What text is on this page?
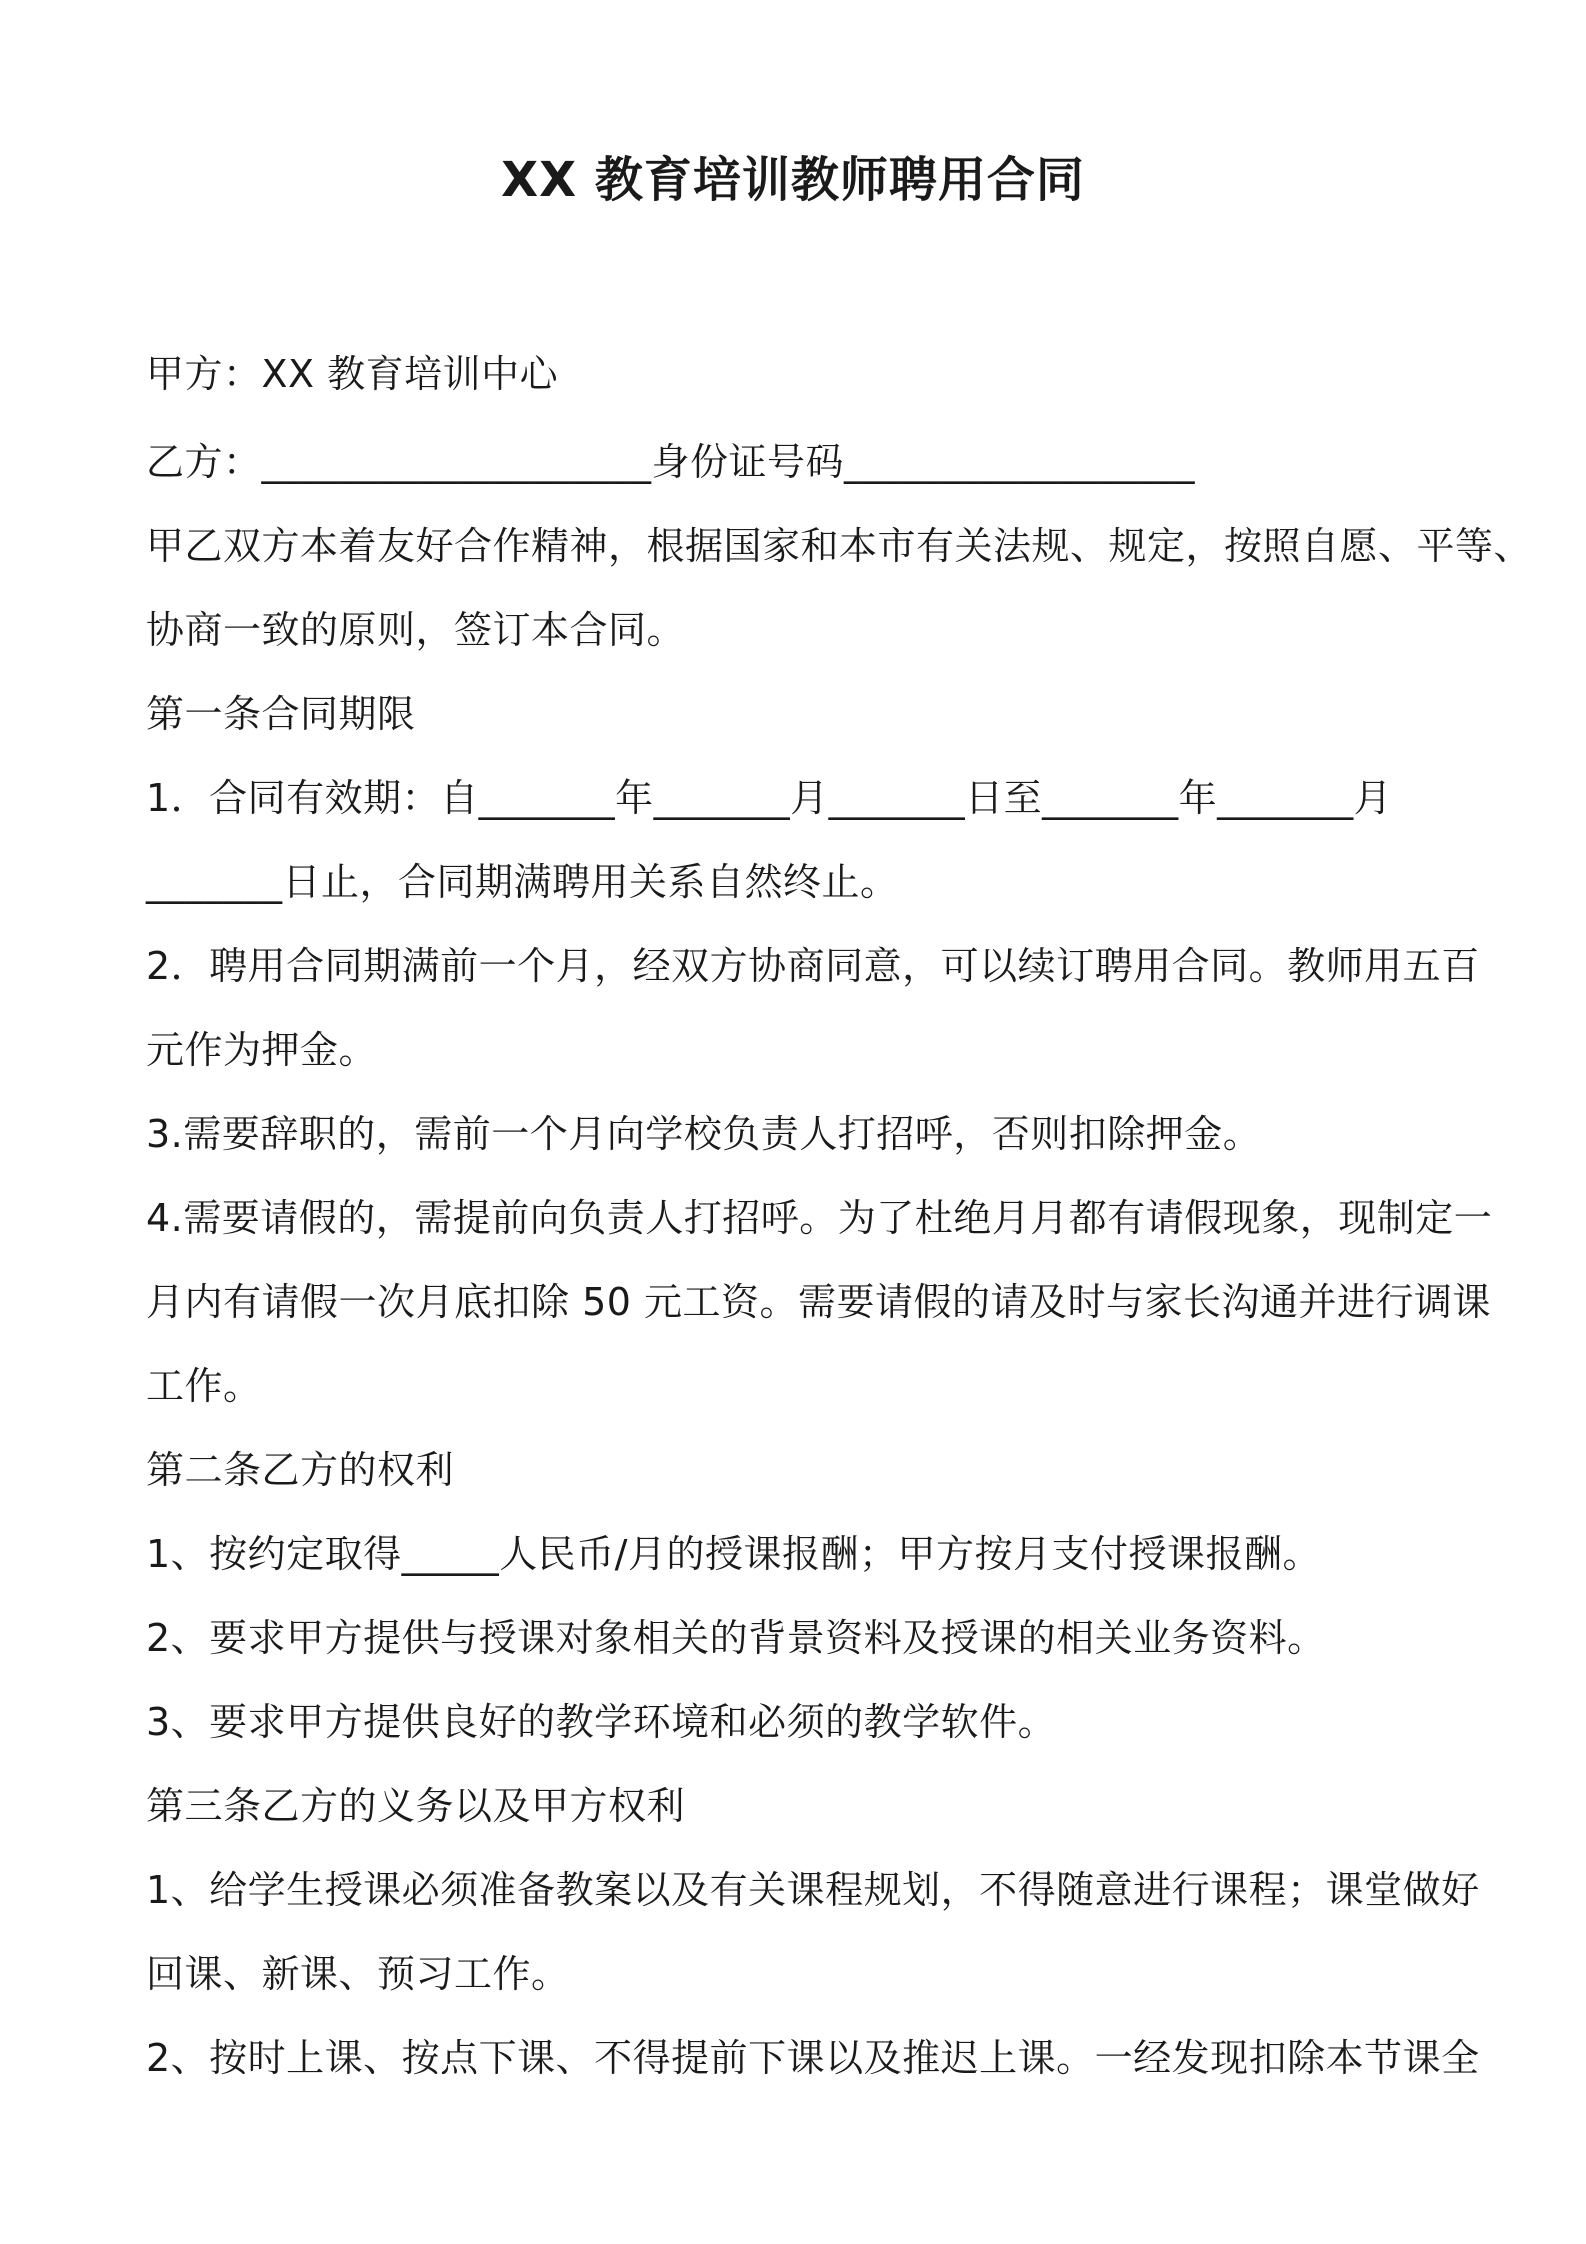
XX 教育培训教师聘用合同
甲方：XX 教育培训中心
乙方：____________________身份证号码__________________
甲乙双方本着友好合作精神，根据国家和本市有关法规、规定，按照自愿、平等、
协商一致的原则，签订本合同。
第一条合同期限
1．合同有效期：自_______年_______月_______日至_______年_______月
_______日止，合同期满聘用关系自然终止。
2．聘用合同期满前一个月，经双方协商同意，可以续订聘用合同。教师用五百
元作为押金。
3.需要辞职的，需前一个月向学校负责人打招呼，否则扣除押金。
4.需要请假的，需提前向负责人打招呼。为了杜绝月月都有请假现象，现制定一
月内有请假一次月底扣除 50 元工资。需要请假的请及时与家长沟通并进行调课
工作。
第二条乙方的权利
1、按约定取得_____人民币/月的授课报酬；甲方按月支付授课报酬。
2、要求甲方提供与授课对象相关的背景资料及授课的相关业务资料。
3、要求甲方提供良好的教学环境和必须的教学软件。
第三条乙方的义务以及甲方权利
1、给学生授课必须准备教案以及有关课程规划，不得随意进行课程；课堂做好
回课、新课、预习工作。
2、按时上课、按点下课、不得提前下课以及推迟上课。一经发现扣除本节课全
